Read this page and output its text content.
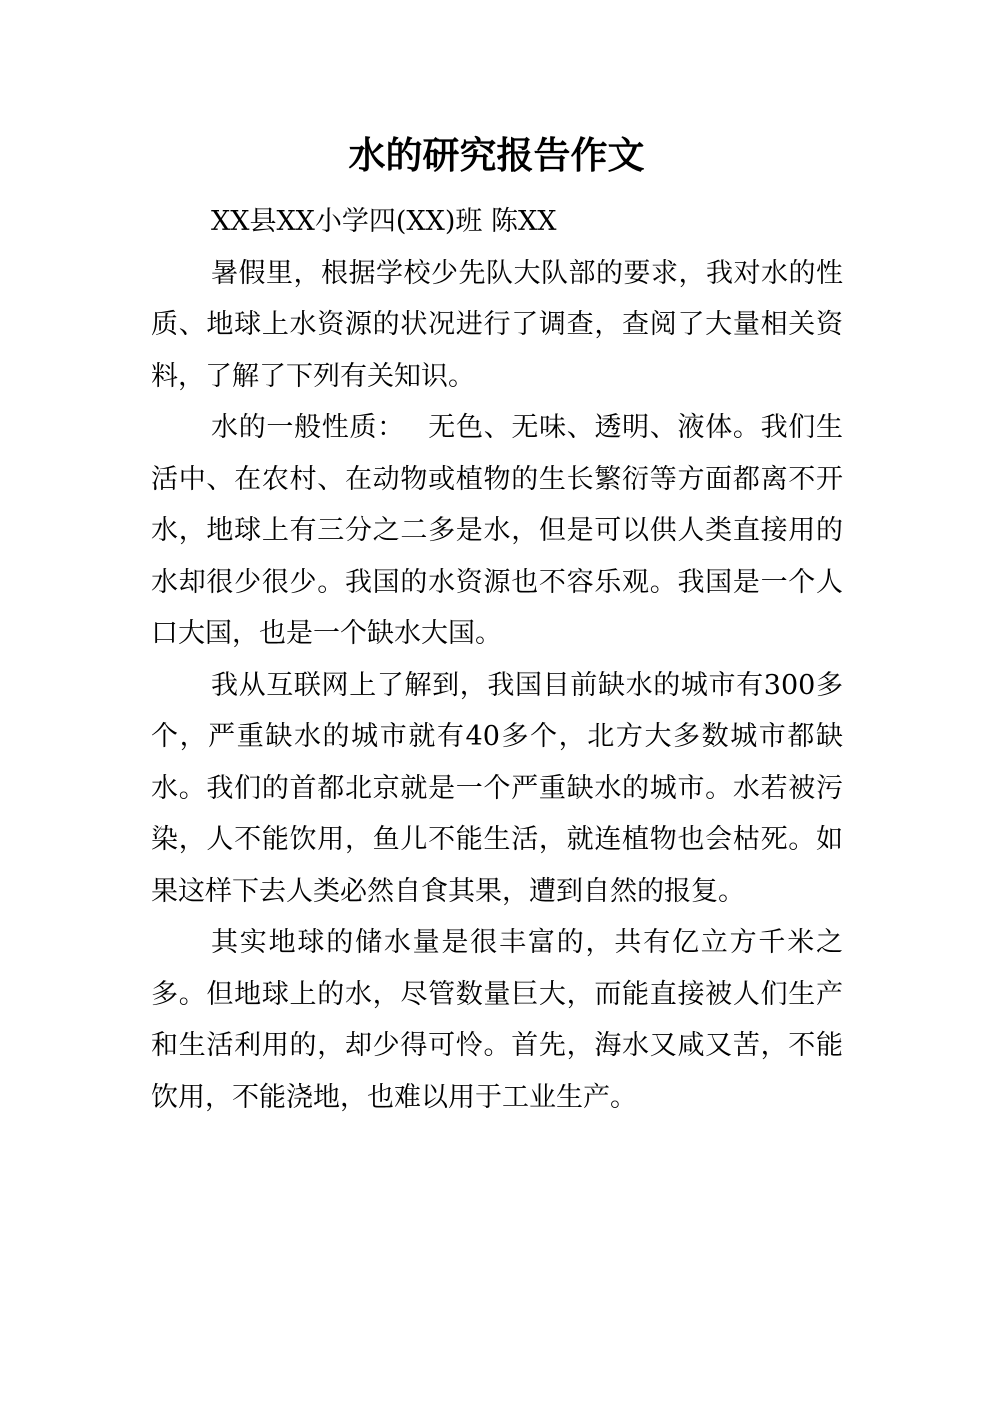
水的研究报告作文

XX县XX小学四(XX)班 陈XX

暑假里，根据学校少先队大队部的要求，我对水的性质、地球上水资源的状况进行了调查，查阅了大量相关资料，了解了下列有关知识。

水的一般性质：　 无色、无味、透明、液体。我们生活中、在农村、在动物或植物的生长繁衍等方面都离不开水，地球上有三分之二多是水，但是可以供人类直接用的水却很少很少。我国的水资源也不容乐观。我国是一个人口大国，也是一个缺水大国。

我从互联网上了解到，我国目前缺水的城市有300多个，严重缺水的城市就有40多个，北方大多数城市都缺水。我们的首都北京就是一个严重缺水的城市。水若被污染，人不能饮用，鱼儿不能生活，就连植物也会枯死。如果这样下去人类必然自食其果，遭到自然的报复。

其实地球的储水量是很丰富的，共有亿立方千米之多。但地球上的水，尽管数量巨大，而能直接被人们生产和生活利用的，却少得可怜。首先，海水又咸又苦，不能饮用，不能浇地，也难以用于工业生产。
